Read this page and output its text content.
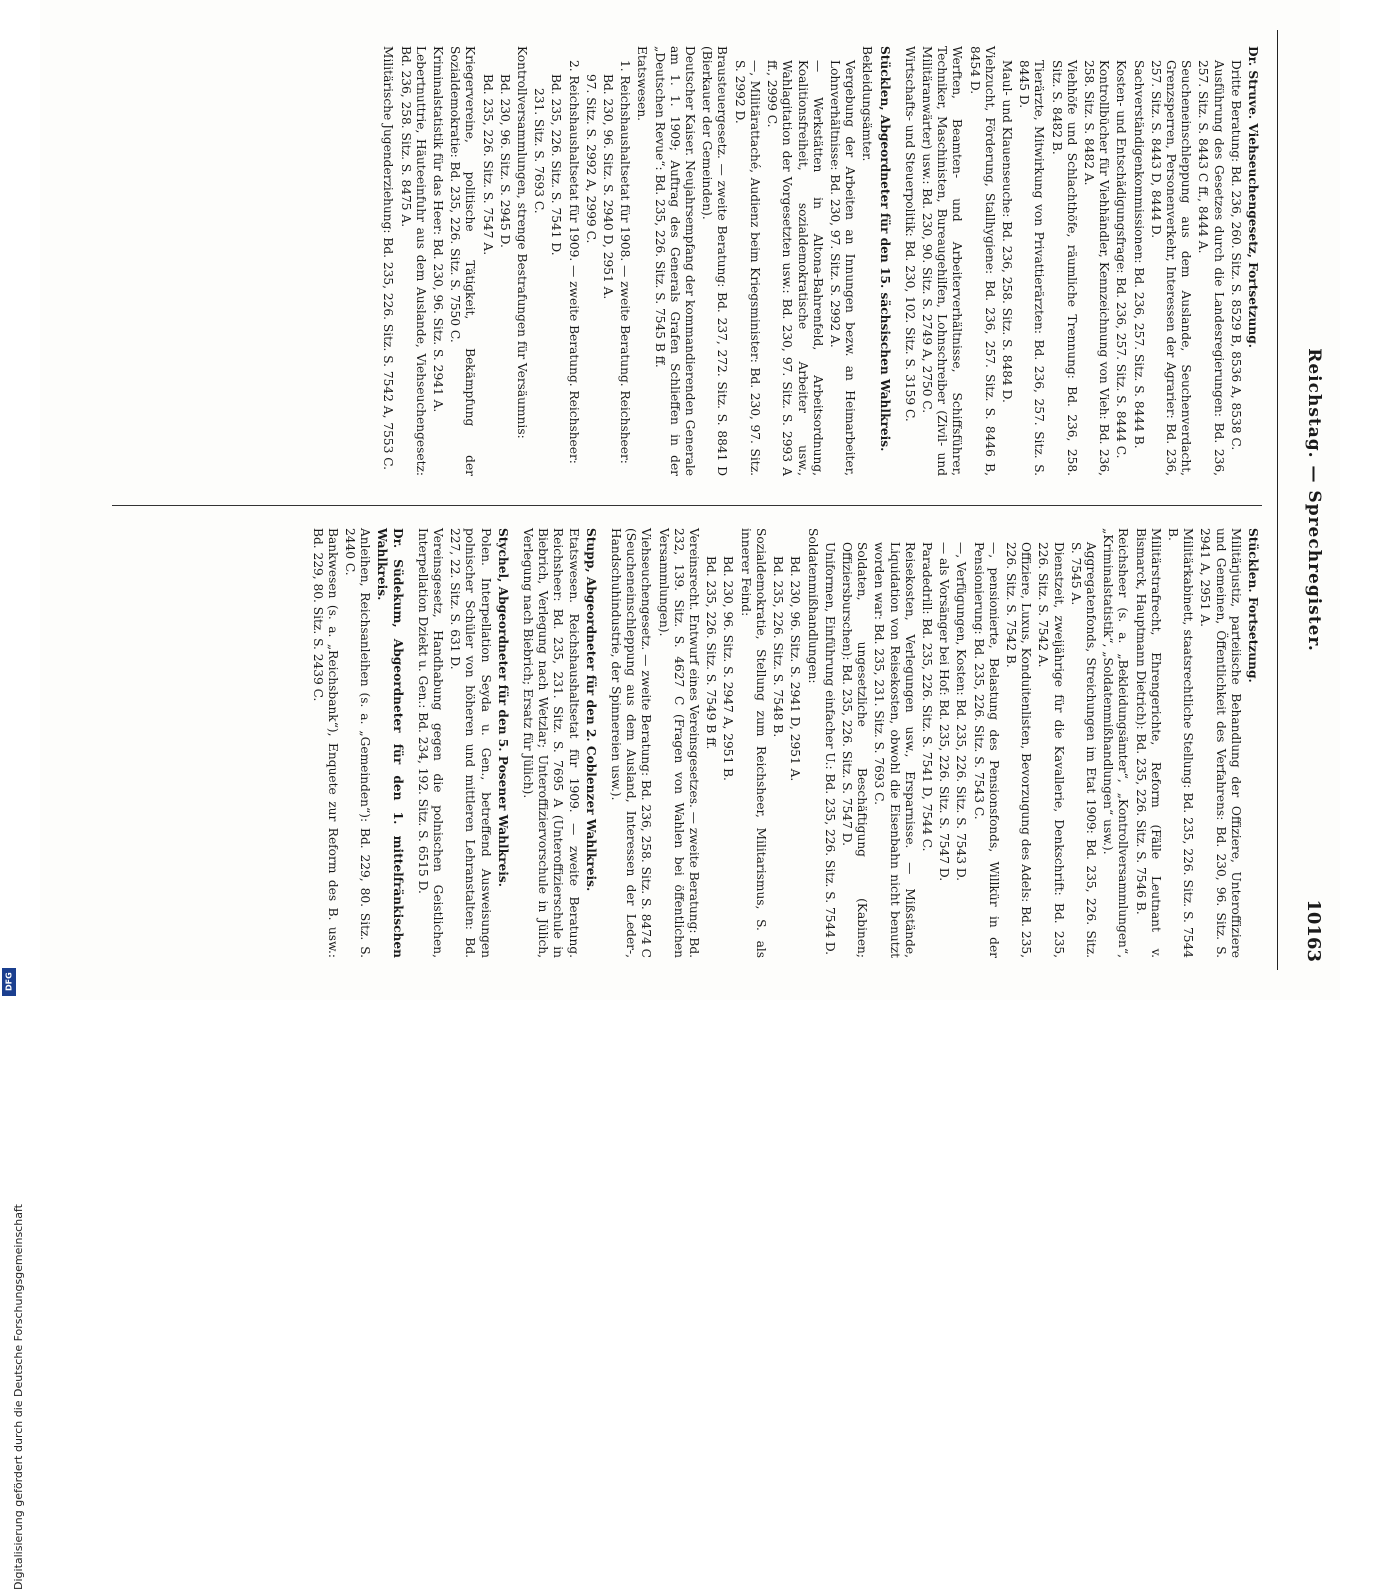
Reichstag. — Sprechregister.
10163
Dr. Struve. Viehseuchengesetz, Fortsetzung.
Dritte Beratung: Bd. 236, 260. Sitz. S. 8529 B, 8536 A, 8538 C.
Ausführung des Gesetzes durch die Landesregierungen: Bd. 236, 257. Sitz. S. 8443 C ff., 8444 A.
Seucheneinschleppung aus dem Auslande, Seuchenverdacht, Grenzsperren, Personenverkehr, Interessen der Agrarier: Bd. 236, 257. Sitz. S. 8443 D, 8444 D.
Sachverständigenkommissionen: Bd. 236, 257. Sitz. S. 8444 B.
Kosten- und Entschädigungsfrage: Bd. 236, 257. Sitz. S. 8444 C.
Kontrollbücher für Viehhändler, Kennzeichnung von Vieh: Bd. 236, 258. Sitz. S. 8482 A.
Viehhöfe und Schlachthöfe, räumliche Trennung: Bd. 236, 258. Sitz. S. 8482 B.
Tierärzte, Mitwirkung von Privattierärzten: Bd. 236, 257. Sitz. S. 8445 D.
Maul- und Klauenseuche: Bd. 236, 258. Sitz. S. 8484 D.
Viehzucht, Förderung, Stallhygiene: Bd. 236, 257. Sitz. S. 8446 B, 8454 D.
Werften, Beamten- und Arbeiterverhältnisse, Schiffsführer, Techniker, Maschinisten, Bureaugehilfen, Lohnschreiber (Zivil- und Militäranwärter) usw.: Bd. 230, 90. Sitz. S. 2749 A, 2750 C.
Wirtschafts- und Steuerpolitik: Bd. 230, 102. Sitz. S. 3159 C.
Stücklen, Abgeordneter für den 15. sächsischen Wahlkreis.
Bekleidungsämter.
Vergebung der Arbeiten an Innungen bezw. an Heimarbeiter, Lohnverhältnisse: Bd. 230, 97. Sitz. S. 2992 A.
— Werkstätten in Altona-Bahrenfeld, Arbeitsordnung, Koalitionsfreiheit, sozialdemokratische Arbeiter usw., Wahlagitation der Vorgesetzten usw.: Bd. 230, 97. Sitz. S. 2993 A ff., 2999 C.
—, Militärattaché, Audienz beim Kriegsminister: Bd. 230, 97. Sitz. S. 2992 D.
Brausteuergesetz. — zweite Beratung: Bd. 237, 272. Sitz. S. 8841 D (Bierkauer der Gemeinden).
Deutscher Kaiser. Neujahrsempfang der kommandierenden Generale am 1. 1. 1909; Auftrag des Generals Grafen Schlieffen in der „Deutschen Revue“: Bd. 235, 226. Sitz. S. 7545 B ff.
Etatswesen.
1. Reichshaushaltsetat für 1908. — zweite Beratung. Reichsheer:
Bd. 230, 96. Sitz. S. 2940 D, 2951 A.
97. Sitz. S. 2992 A, 2999 C.
2. Reichshaushaltsetat für 1909. — zweite Beratung. Reichsheer:
Bd. 235, 226. Sitz. S. 7541 D.
231. Sitz. S. 7693 C.
Kontrollversammlungen, strenge Bestrafungen für Versäumnis:
Bd. 230, 96. Sitz. S. 2945 D.
Bd. 235, 226. Sitz. S. 7547 A.
Kriegervereine, politische Tätigkeit, Bekämpfung der Sozialdemokratie: Bd. 235, 226. Sitz. S. 7550 C.
Kriminalstatistik für das Heer: Bd. 230, 96. Sitz. S. 2941 A.
Lebertnuttrie, Häuteeinfuhr aus dem Auslande, Viehseuchengesetz: Bd. 236, 258. Sitz. S. 8475 A.
Militärische Jugenderziehung: Bd. 235, 226. Sitz. S. 7542 A, 7553 C.
Stücklen. Fortsetzung.
Militärjustiz, parteiische Behandlung der Offiziere, Unteroffiziere und Gemeinen, Öffentlichkeit des Verfahrens: Bd. 230, 96. Sitz. S. 2941 A, 2951 A.
Militärkabinett, staatsrechtliche Stellung: Bd. 235, 226. Sitz. S. 7544 B.
Militärstrafrecht, Ehrengerichte, Reform (Fälle Leutnant v. Bismarck, Hauptmann Dietrich): Bd. 235, 226. Sitz. S. 7546 B.
Reichsheer (s. a. „Bekleidungsämter“, „Kontrollversammlungen“, „Kriminalstatistik“, „Soldatenmißhandlungen“ usw.).
Aggregatenfonds, Streichungen im Etat 1909: Bd. 235, 226. Sitz. S. 7545 A.
Dienstzeit, zweijährige für die Kavallerie, Denkschrift: Bd. 235, 226. Sitz. S. 7542 A.
Offiziere, Luxus, Konduitenlisten, Bevorzugung des Adels: Bd. 235, 226. Sitz. S. 7542 B.
—, pensionierte, Belastung des Pensionsfonds, Willkür in der Pensionierung: Bd. 235, 226. Sitz. S. 7543 C.
—, Verfügungen, Kosten: Bd. 235, 226. Sitz. S. 7543 D.
— als Vorsänger bei Hof: Bd. 235, 226. Sitz. S. 7547 D.
Paradedrill: Bd. 235, 226. Sitz. S. 7541 D, 7544 C.
Reisekosten, Verlegungen usw., Ersparnisse. — Mißstände, Liquidation von Reisekosten, obwohl die Eisenbahn nicht benutzt worden war: Bd. 235, 231. Sitz. S. 7693 C.
Soldaten, ungesetzliche Beschäftigung (Kabinen; Offiziersburschen): Bd. 235, 226. Sitz. S. 7547 D.
Uniformen, Einführung einfacher U.: Bd. 235, 226. Sitz. S. 7544 D.
Soldatenmißhandlungen:
Bd. 230, 96. Sitz. S. 2941 D, 2951 A.
Bd. 235, 226. Sitz. S. 7548 B.
Sozialdemokratie, Stellung zum Reichsheer, Militarismus, S. als innerer Feind:
Bd. 230, 96. Sitz. S. 2947 A, 2951 B.
Bd. 235, 226. Sitz. S. 7549 B ff.
Vereinsrecht. Entwurf eines Vereinsgesetzes. — zweite Beratung: Bd. 232, 139. Sitz. S. 4627 C (Fragen von Wahlen bei öffentlichen Versammlungen).
Viehseuchengesetz. — zweite Beratung: Bd. 236, 258. Sitz. S. 8474 C (Seucheneinschleppung aus dem Ausland, Interessen der Leder-, Handschuhindustrie, der Spinnereien usw.).
Stupp, Abgeordneter für den 2. Coblenzer Wahlkreis.
Etatswesen. Reichshaushaltsetat für 1909. — zweite Beratung. Reichsheer: Bd. 235, 231. Sitz. S. 7695 A (Unteroffizierschule in Biebrich, Verlegung nach Wetzlar; Unteroffiziervorschule in Jülich, Verlegung nach Biebrich; Ersatz für Jülich).
Stychel, Abgeordneter für den 5. Posener Wahlkreis.
Polen. Interpellation Seyda u. Gen., betreffend Ausweisungen polnischer Schüler von höheren und mittleren Lehranstalten: Bd. 227, 22. Sitz. S. 631 D.
Vereinsgesetz, Handhabung gegen die polnischen Geistlichen, Interpellation Dziekt u. Gen.: Bd. 234, 192. Sitz. S. 6515 D.
Dr. Südekum, Abgeordneter für den 1. mittelfränkischen Wahlkreis.
Anleihen, Reichsanleihen (s. a. „Gemeinden“): Bd. 229, 80. Sitz. S. 2440 C.
Bankwesen (s. a. „Reichsbank“), Enquete zur Reform des B. usw.: Bd. 229, 80. Sitz. S. 2439 C.
Digitalisierung gefördert durch die Deutsche Forschungsgemeinschaft
DFG
